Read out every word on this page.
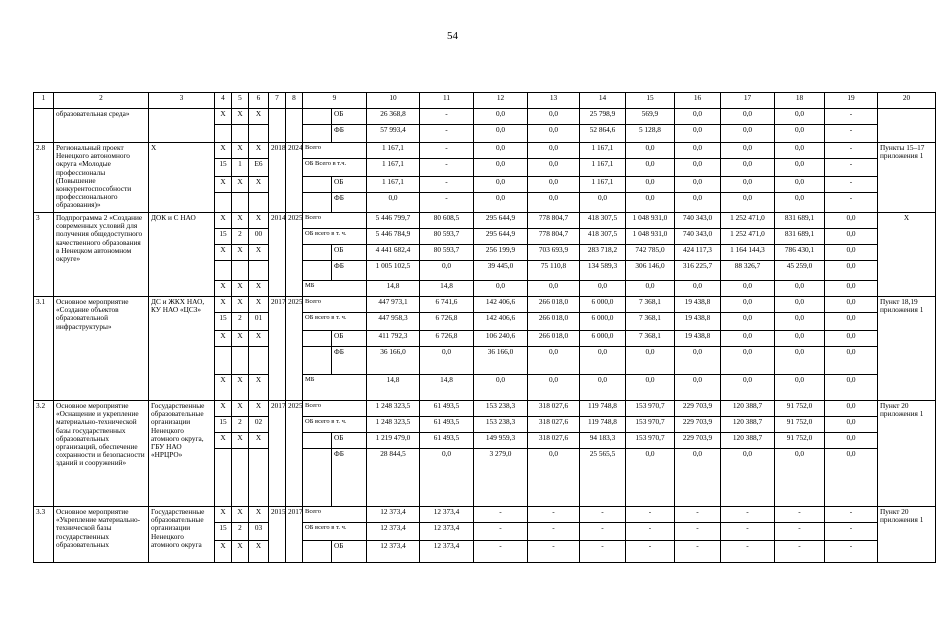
54
1	2	3	4	5	6	7	8	9		10	11	12	13	14	15	16	17	18	19	20
	образовательная среда»		X	X	X				ОБ	26 368,8	-	0,0	0,0	25 798,9	569,9	0,0	0,0	0,0	-	
									ФБ	57 993,4	-	0,0	0,0	52 864,6	5 128,8	0,0	0,0	0,0	-	
2.8	Региональный проект Ненецкого автономного округа «Молодые профессионалы (Повышение конкурентоспособности профессионального образования)»	Х	X	X	X	2018	2024	Всего		1 167,1	-	0,0	0,0	1 167,1	0,0	0,0	0,0	0,0	-	Пункты 15–17 приложения 1
			15	1	Е6			ОБ Всего в т.ч.		1 167,1	-	0,0	0,0	1 167,1	0,0	0,0	0,0	0,0	-	
			X	X	X				ОБ	1 167,1	-	0,0	0,0	1 167,1	0,0	0,0	0,0	0,0	-	
									ФБ	0,0	-	0,0	0,0	0,0	0,0	0,0	0,0	0,0	-	
3	Подпрограмма 2 «Создание современных условий для получения общедоступного качественного образования в Ненецком автономном округе»	ДОК и С НАО	X	X	X	2014	2025	Всего		5 446 799,7	80 608,5	295 644,9	778 804,7	418 307,5	1 048 931,0	740 343,0	1 252 471,0	831 689,1	0,0	X
			15	2	00			ОБ всего в т. ч.		5 446 784,9	80 593,7	295 644,9	778 804,7	418 307,5	1 048 931,0	740 343,0	1 252 471,0	831 689,1	0,0	
			X	X	X				ОБ	4 441 682,4	80 593,7	256 199,9	703 693,9	283 718,2	742 785,0	424 117,3	1 164 144,3	786 430,1	0,0	
									ФБ	1 005 102,5	0,0	39 445,0	75 110,8	134 589,3	306 146,0	316 225,7	88 326,7	45 259,0	0,0	
			X	X	X			МБ		14,8	14,8	0,0	0,0	0,0	0,0	0,0	0,0	0,0	0,0	
3.1	Основное мероприятие «Создание объектов образовательной инфраструктуры»	ДС и ЖКХ НАО, КУ НАО «ЦСЗ»	X	X	X	2017	2025	Всего		447 973,1	6 741,6	142 406,6	266 018,0	6 000,0	7 368,1	19 438,8	0,0	0,0	0,0	Пункт 18,19 приложения 1
			15	2	01			ОБ всего в т. ч.		447 958,3	6 726,8	142 406,6	266 018,0	6 000,0	7 368,1	19 438,8	0,0	0,0	0,0	
			X	X	X				ОБ	411 792,3	6 726,8	106 240,6	266 018,0	6 000,0	7 368,1	19 438,8	0,0	0,0	0,0	
									ФБ	36 166,0	0,0	36 166,0	0,0	0,0	0,0	0,0	0,0	0,0	0,0	
			X	X	X			МБ		14,8	14,8	0,0	0,0	0,0	0,0	0,0	0,0	0,0	0,0	
3.2	Основное мероприятие «Оснащение и укрепление материально-технической базы государственных образовательных организаций, обеспечение сохранности и безопасности зданий и сооружений»	Государственные образовательные организации Ненецкого атомного округа, ГБУ НАО «НРЦРО»	X	X	X	2017	2025	Всего		1 248 323,5	61 493,5	153 238,3	318 027,6	119 748,8	153 970,7	229 703,9	120 388,7	91 752,0	0,0	Пункт 20 приложения 1
			15	2	02			ОБ всего в т. ч.		1 248 323,5	61 493,5	153 238,3	318 027,6	119 748,8	153 970,7	229 703,9	120 388,7	91 752,0	0,0	
			X	X	X				ОБ	1 219 479,0	61 493,5	149 959,3	318 027,6	94 183,3	153 970,7	229 703,9	120 388,7	91 752,0	0,0	
									ФБ	28 844,5	0,0	3 279,0	0,0	25 565,5	0,0	0,0	0,0	0,0	0,0	
3.3	Основное мероприятие «Укрепление материально-технической базы государственных образовательных	Государственные образовательные организации Ненецкого атомного округа	X	X	X	2015	2017	Всего		12 373,4	12 373,4	-	-	-	-	-	-	-	-	Пункт 20 приложения 1
			15	2	03			ОБ всего в т. ч.		12 373,4	12 373,4	-	-	-	-	-	-	-	-	
			X	X	X				ОБ	12 373,4	12 373,4	-	-	-	-	-	-	-	-	
